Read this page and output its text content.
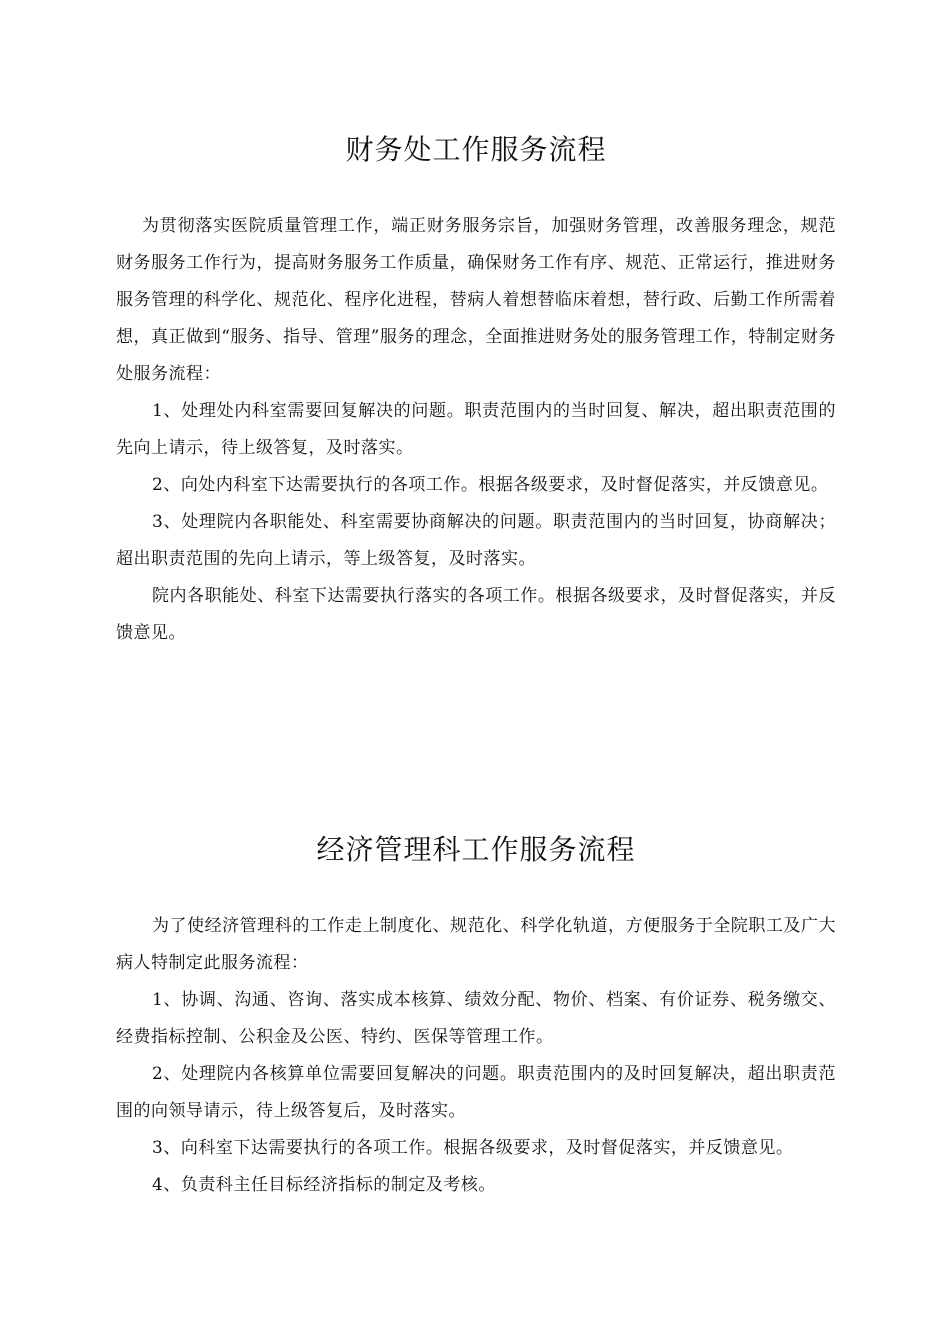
财务处工作服务流程

为贯彻落实医院质量管理工作，端正财务服务宗旨，加强财务管理，改善服务理念，规范财务服务工作行为，提高财务服务工作质量，确保财务工作有序、规范、正常运行，推进财务服务管理的科学化、规范化、程序化进程，替病人着想替临床着想，替行政、后勤工作所需着想，真正做到“服务、指导、管理”服务的理念，全面推进财务处的服务管理工作，特制定财务处服务流程：

1、处理处内科室需要回复解决的问题。职责范围内的当时回复、解决，超出职责范围的先向上请示，待上级答复，及时落实。

2、向处内科室下达需要执行的各项工作。根据各级要求，及时督促落实，并反馈意见。

3、处理院内各职能处、科室需要协商解决的问题。职责范围内的当时回复，协商解决；超出职责范围的先向上请示，等上级答复，及时落实。

院内各职能处、科室下达需要执行落实的各项工作。根据各级要求，及时督促落实，并反馈意见。

经济管理科工作服务流程

为了使经济管理科的工作走上制度化、规范化、科学化轨道，方便服务于全院职工及广大病人特制定此服务流程：

1、协调、沟通、咨询、落实成本核算、绩效分配、物价、档案、有价证券、税务缴交、经费指标控制、公积金及公医、特约、医保等管理工作。

2、处理院内各核算单位需要回复解决的问题。职责范围内的及时回复解决，超出职责范围的向领导请示，待上级答复后，及时落实。

3、向科室下达需要执行的各项工作。根据各级要求，及时督促落实，并反馈意见。

4、负责科主任目标经济指标的制定及考核。
